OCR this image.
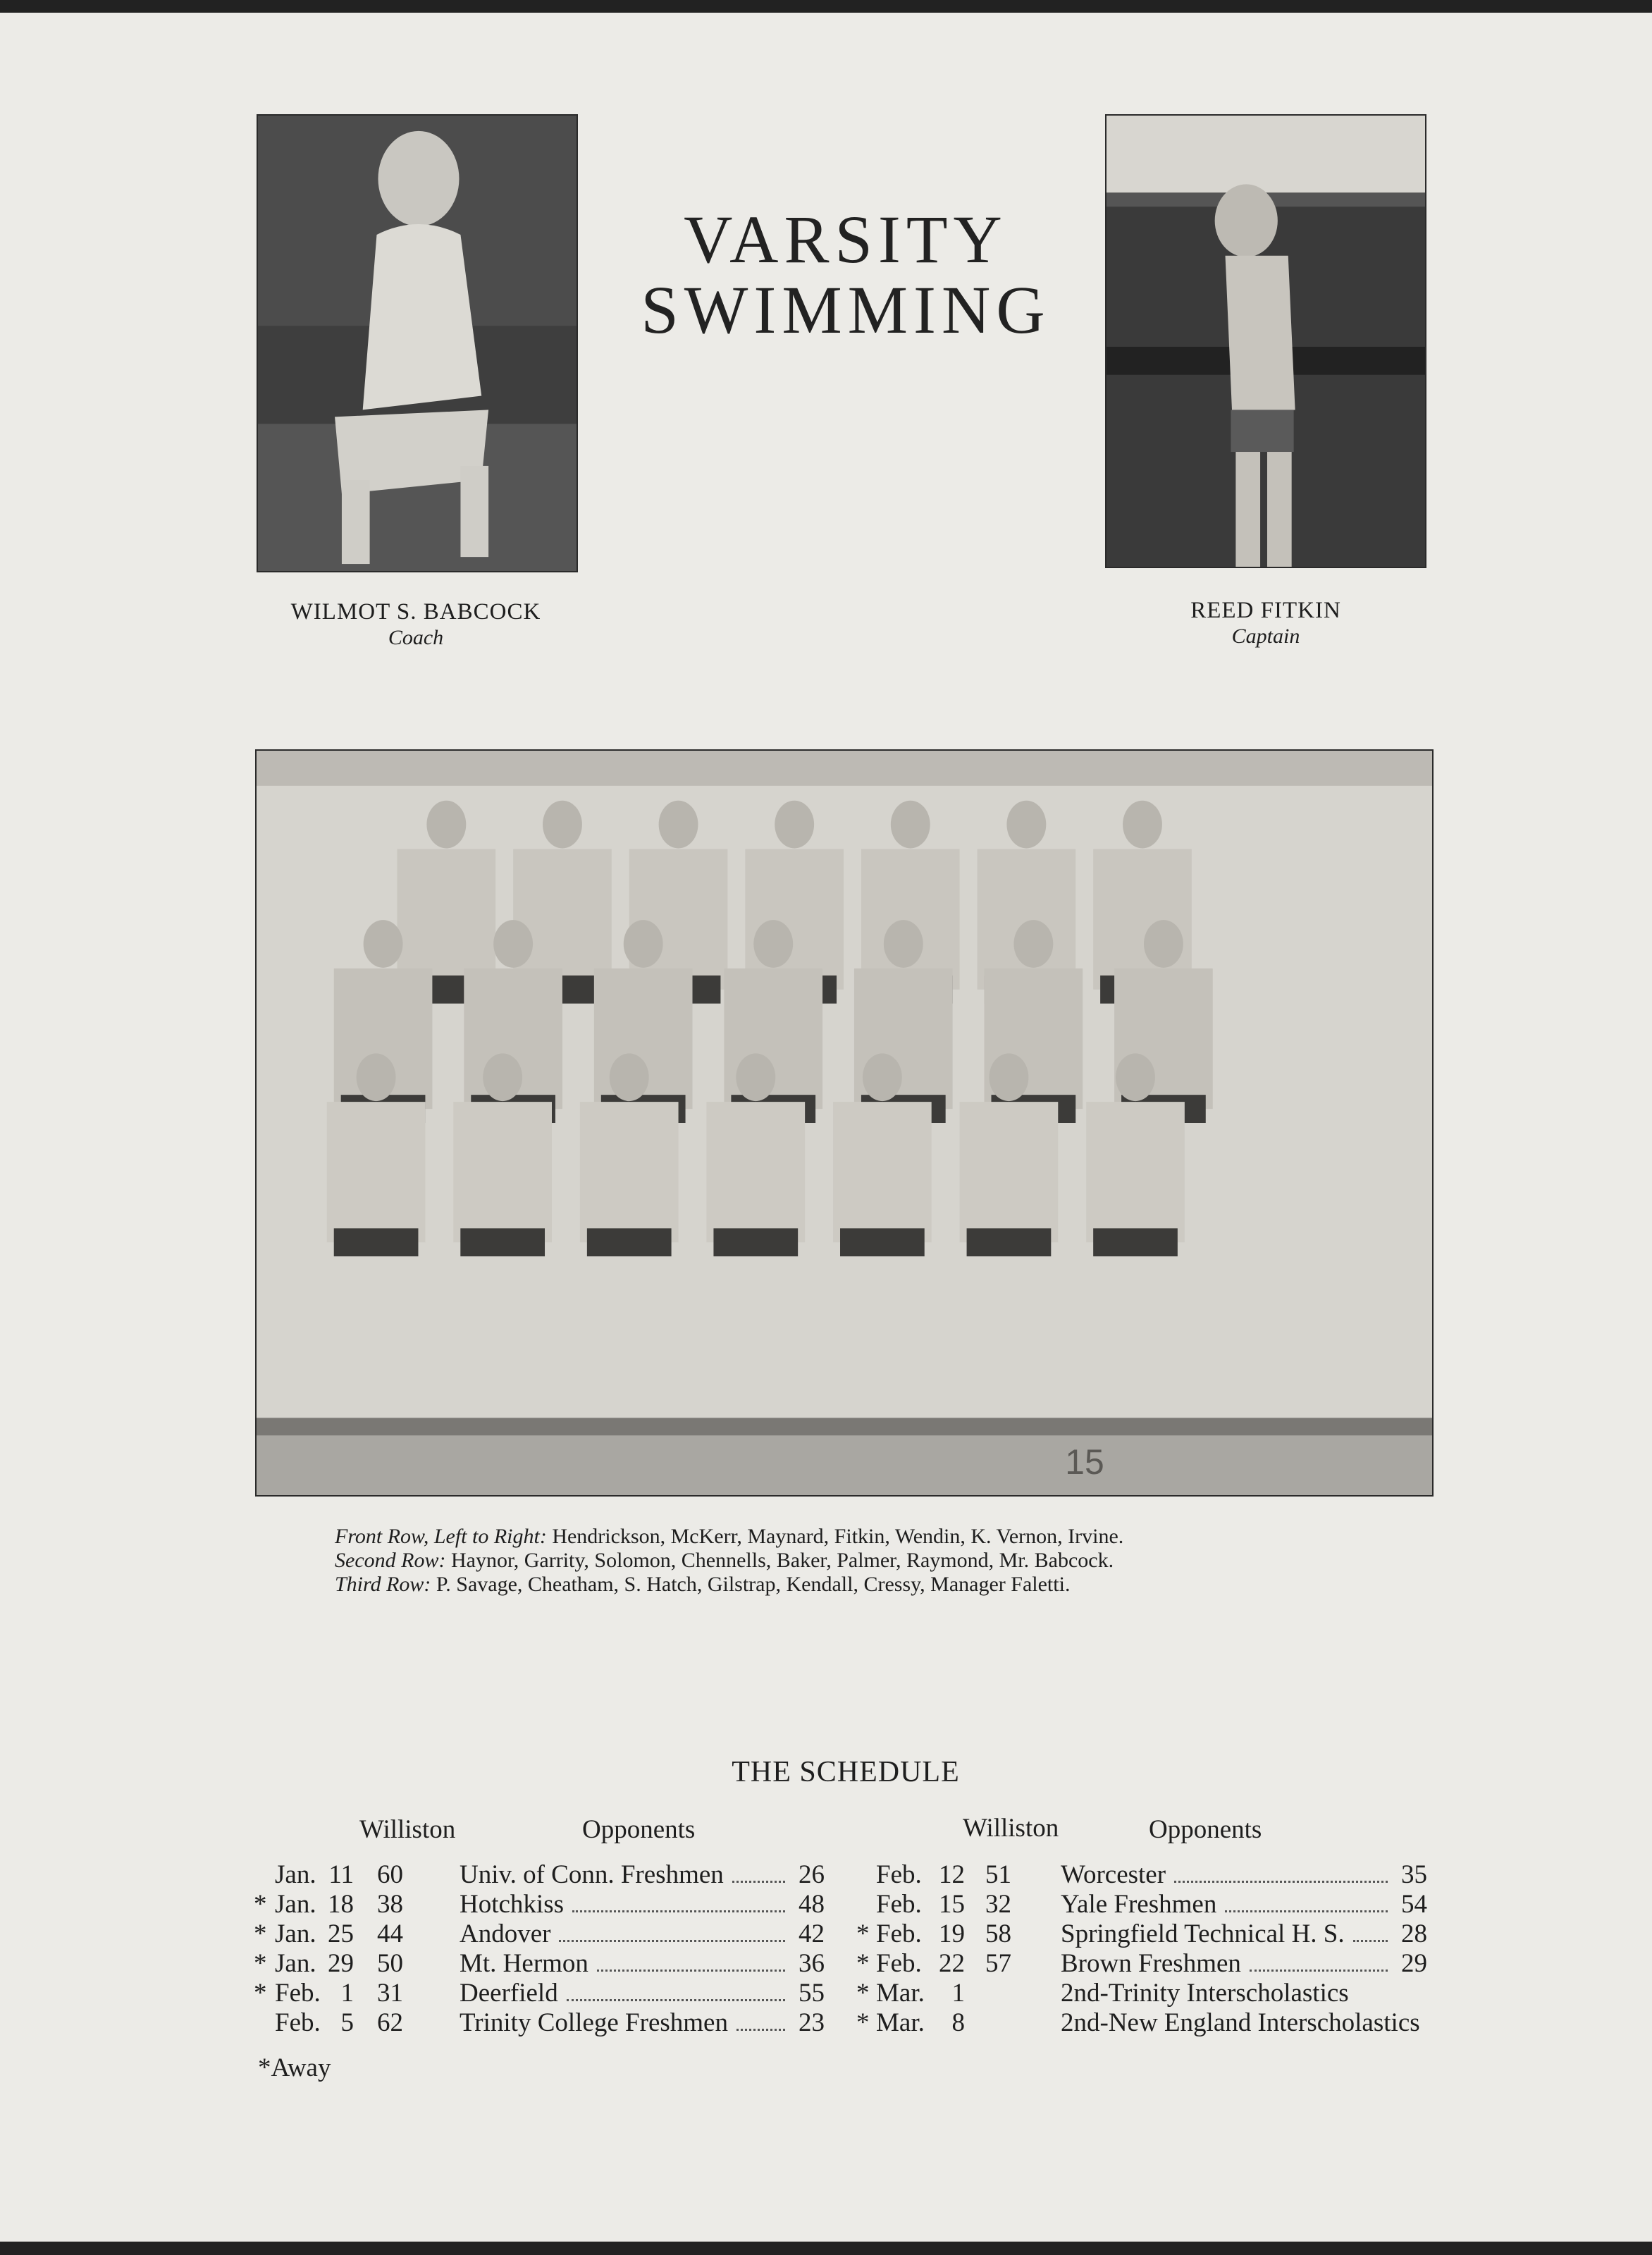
VARSITY
SWIMMING
WILMOT S. BABCOCK
Coach
REED FITKIN
Captain
15
Front Row, Left to Right: Hendrickson, McKerr, Maynard, Fitkin, Wendin, K. Vernon, Irvine.
Second Row: Haynor, Garrity, Solomon, Chennells, Baker, Palmer, Raymond, Mr. Babcock.
Third Row: P. Savage, Cheatham, S. Hatch, Gilstrap, Kendall, Cressy, Manager Faletti.
THE SCHEDULE
Williston	Opponents	Williston	Opponents
Jan. 11 60 Univ. of Conn. Freshmen	26
* Jan. 18 38 Hotchkiss	48
* Jan. 25 44 Andover	42
* Jan. 29 50 Mt. Hermon	36
* Feb. 1 31 Deerfield	55
Feb. 5 62 Trinity College Freshmen	23
Feb. 12 51 Worcester	35
Feb. 15 32 Yale Freshmen	54
* Feb. 19 58 Springfield Technical H. S.	28
* Feb. 22 57 Brown Freshmen	29
* Mar.	1	2nd-Trinity Interscholastics
* Mar.	8	2nd-New England Interscholastics
*Away
